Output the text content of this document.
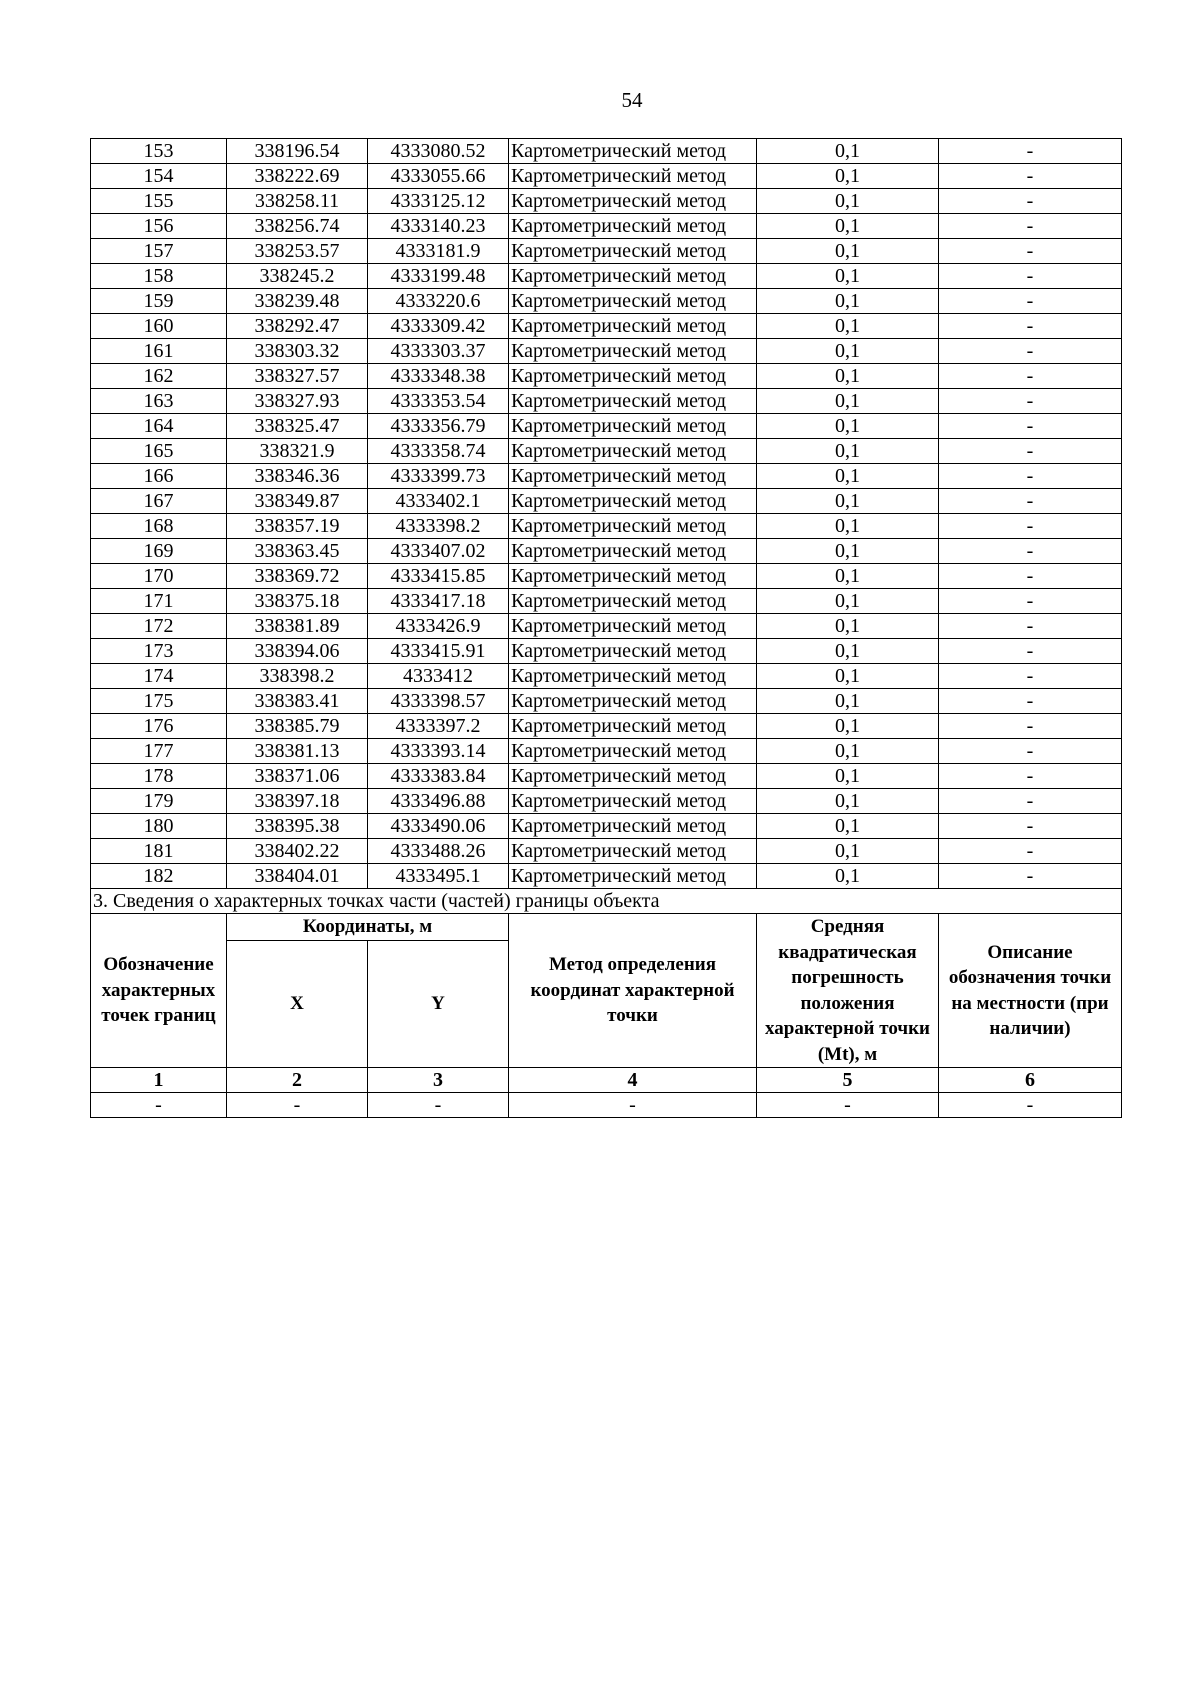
54
153	338196.54	4333080.52	Картометрический метод	0,1	-
154	338222.69	4333055.66	Картометрический метод	0,1	-
155	338258.11	4333125.12	Картометрический метод	0,1	-
156	338256.74	4333140.23	Картометрический метод	0,1	-
157	338253.57	4333181.9	Картометрический метод	0,1	-
158	338245.2	4333199.48	Картометрический метод	0,1	-
159	338239.48	4333220.6	Картометрический метод	0,1	-
160	338292.47	4333309.42	Картометрический метод	0,1	-
161	338303.32	4333303.37	Картометрический метод	0,1	-
162	338327.57	4333348.38	Картометрический метод	0,1	-
163	338327.93	4333353.54	Картометрический метод	0,1	-
164	338325.47	4333356.79	Картометрический метод	0,1	-
165	338321.9	4333358.74	Картометрический метод	0,1	-
166	338346.36	4333399.73	Картометрический метод	0,1	-
167	338349.87	4333402.1	Картометрический метод	0,1	-
168	338357.19	4333398.2	Картометрический метод	0,1	-
169	338363.45	4333407.02	Картометрический метод	0,1	-
170	338369.72	4333415.85	Картометрический метод	0,1	-
171	338375.18	4333417.18	Картометрический метод	0,1	-
172	338381.89	4333426.9	Картометрический метод	0,1	-
173	338394.06	4333415.91	Картометрический метод	0,1	-
174	338398.2	4333412	Картометрический метод	0,1	-
175	338383.41	4333398.57	Картометрический метод	0,1	-
176	338385.79	4333397.2	Картометрический метод	0,1	-
177	338381.13	4333393.14	Картометрический метод	0,1	-
178	338371.06	4333383.84	Картометрический метод	0,1	-
179	338397.18	4333496.88	Картометрический метод	0,1	-
180	338395.38	4333490.06	Картометрический метод	0,1	-
181	338402.22	4333488.26	Картометрический метод	0,1	-
182	338404.01	4333495.1	Картометрический метод	0,1	-
3. Сведения о характерных точках части (частей) границы объекта					
Обозначение характерных точек границ	Координаты, м		Метод определения координат характерной точки	Средняя квадратическая погрешность положения характерной точки (Mt), м	Описание обозначения точки на местности (при наличии)
	X	Y			
1	2	3	4	5	6
-	-	-	-	-	-
